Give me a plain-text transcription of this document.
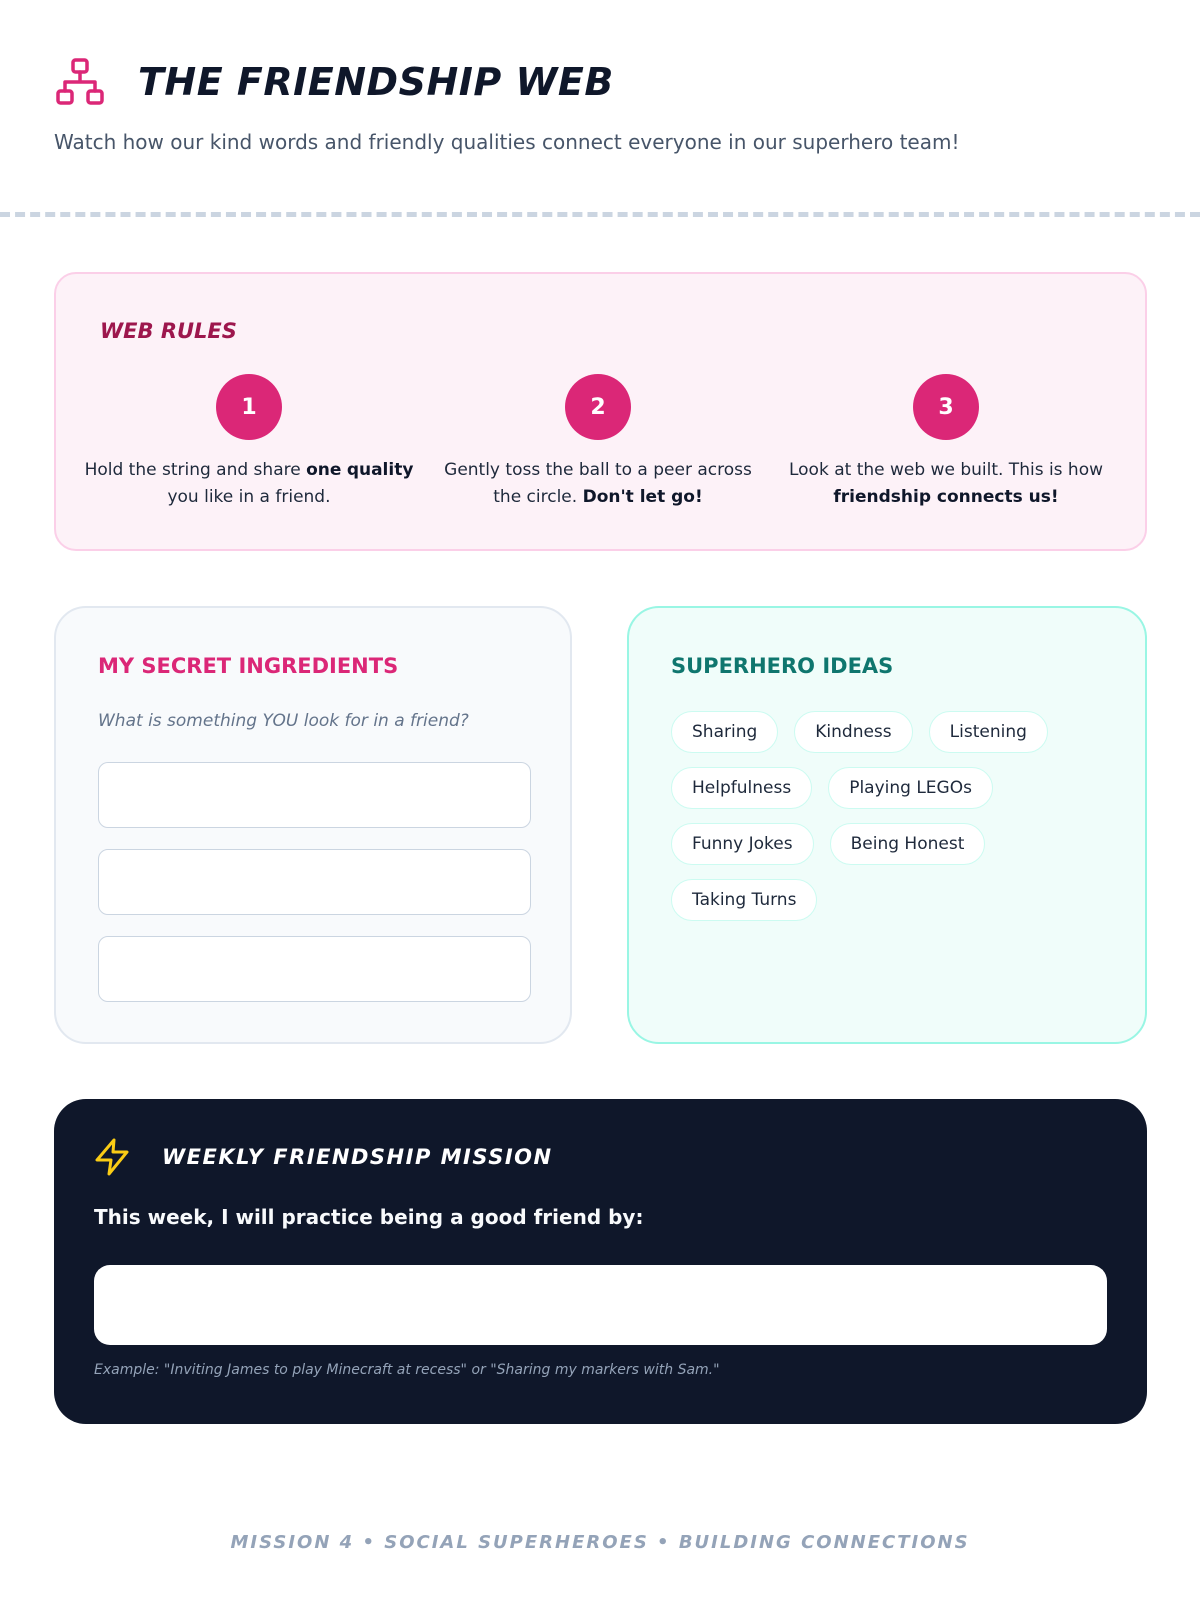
THE FRIENDSHIP WEB

Watch how our kind words and friendly qualities connect everyone in our superhero team!

WEB RULES
1

Hold the string and share one quality you like in a friend.

2

Gently toss the ball to a peer across the circle. Don't let go!

3

Look at the web we built. This is how friendship connects us!

MY SECRET INGREDIENTS

What is something YOU look for in a friend?

SUPERHERO IDEAS
Sharing	Kindness	Listening
Helpfulness	Playing LEGOs
Funny Jokes	Being Honest
Taking Turns
WEEKLY FRIENDSHIP MISSION

This week, I will practice being a good friend by:

Example: "Inviting James to play Minecraft at recess" or "Sharing my markers with Sam."

MISSION 4 • SOCIAL SUPERHEROES • BUILDING CONNECTIONS
